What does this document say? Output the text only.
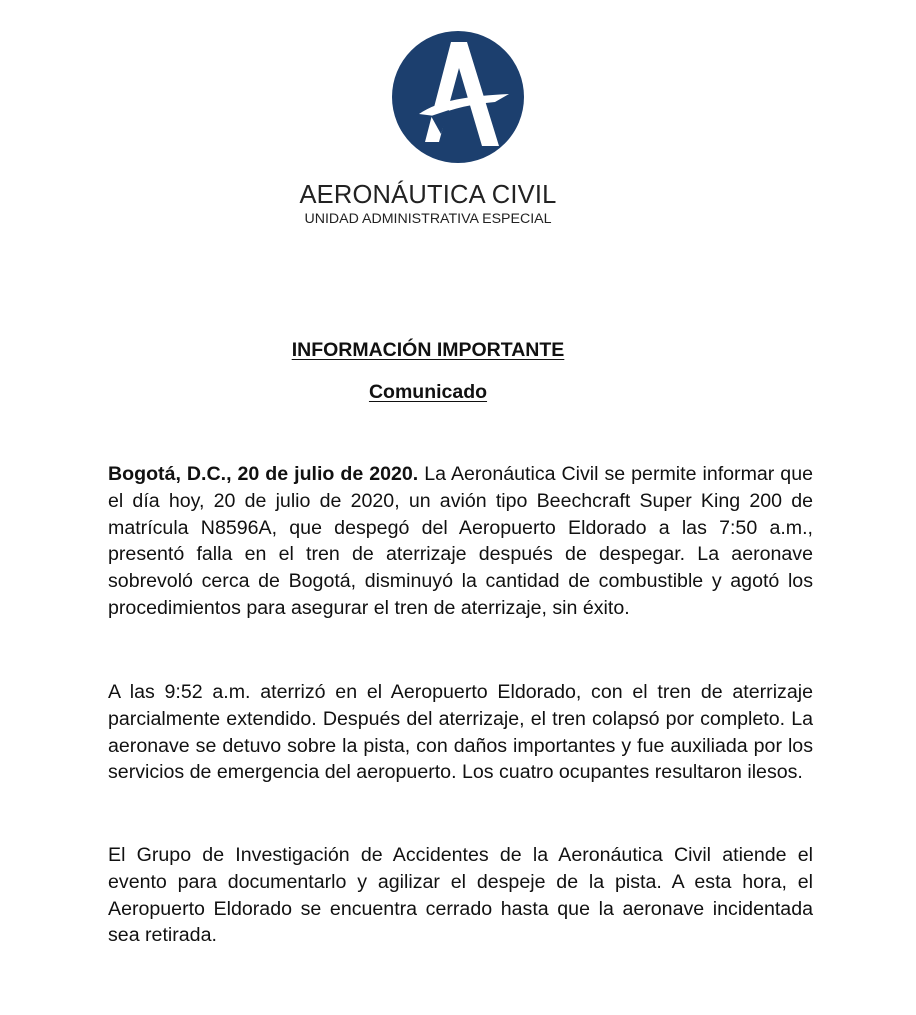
AERONÁUTICA CIVIL
UNIDAD ADMINISTRATIVA ESPECIAL
INFORMACIÓN IMPORTANTE
Comunicado

Bogotá, D.C., 20 de julio de 2020. La Aeronáutica Civil se permite informar que el día hoy, 20 de julio de 2020, un avión tipo Beechcraft Super King 200 de matrícula N8596A, que despegó del Aeropuerto Eldorado a las 7:50 a.m., presentó falla en el tren de aterrizaje después de despegar. La aeronave sobrevoló cerca de Bogotá, disminuyó la cantidad de combustible y agotó los procedimientos para asegurar el tren de aterrizaje, sin éxito.

A las 9:52 a.m. aterrizó en el Aeropuerto Eldorado, con el tren de aterrizaje parcialmente extendido. Después del aterrizaje, el tren colapsó por completo. La aeronave se detuvo sobre la pista, con daños importantes y fue auxiliada por los servicios de emergencia del aeropuerto. Los cuatro ocupantes resultaron ilesos.

El Grupo de Investigación de Accidentes de la Aeronáutica Civil atiende el evento para documentarlo y agilizar el despeje de la pista. A esta hora, el Aeropuerto Eldorado se encuentra cerrado hasta que la aeronave incidentada sea retirada.
